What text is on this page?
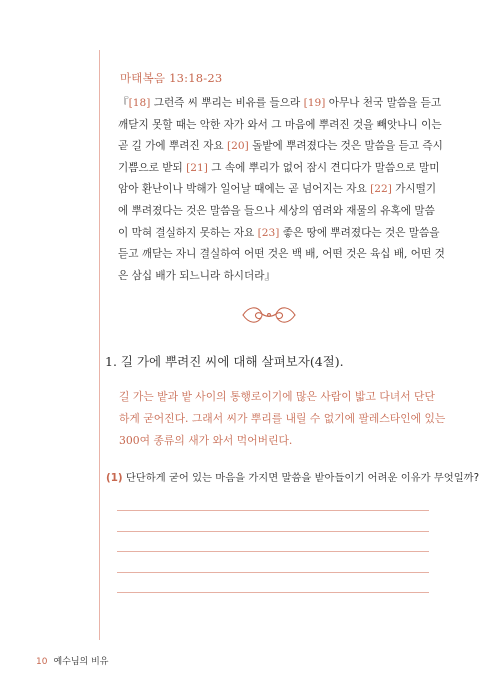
마태복음 13:18-23
『[18] 그런즉 씨 뿌리는 비유를 들으라 [19] 아무나 천국 말씀을 듣고
깨닫지 못할 때는 악한 자가 와서 그 마음에 뿌려진 것을 빼앗나니 이는
곧 길 가에 뿌려진 자요 [20] 돌밭에 뿌려졌다는 것은 말씀을 듣고 즉시
기쁨으로 받되 [21] 그 속에 뿌리가 없어 잠시 견디다가 말씀으로 말미
암아 환난이나 박해가 일어날 때에는 곧 넘어지는 자요 [22] 가시떨기
에 뿌려졌다는 것은 말씀을 들으나 세상의 염려와 재물의 유혹에 말씀
이 막혀 결실하지 못하는 자요 [23] 좋은 땅에 뿌려졌다는 것은 말씀을
듣고 깨닫는 자니 결실하여 어떤 것은 백 배, 어떤 것은 육십 배, 어떤 것
은 삼십 배가 되느니라 하시더라』
1. 길 가에 뿌려진 씨에 대해 살펴보자(4절).
길 가는 밭과 밭 사이의 통행로이기에 많은 사람이 밟고 다녀서 단단
하게 굳어진다. 그래서 씨가 뿌리를 내릴 수 없기에 팔레스타인에 있는
300여 종류의 새가 와서 먹어버린다.
(1) 단단하게 굳어 있는 마음을 가지면 말씀을 받아들이기 어려운 이유가 무엇일까?
10 예수님의 비유
